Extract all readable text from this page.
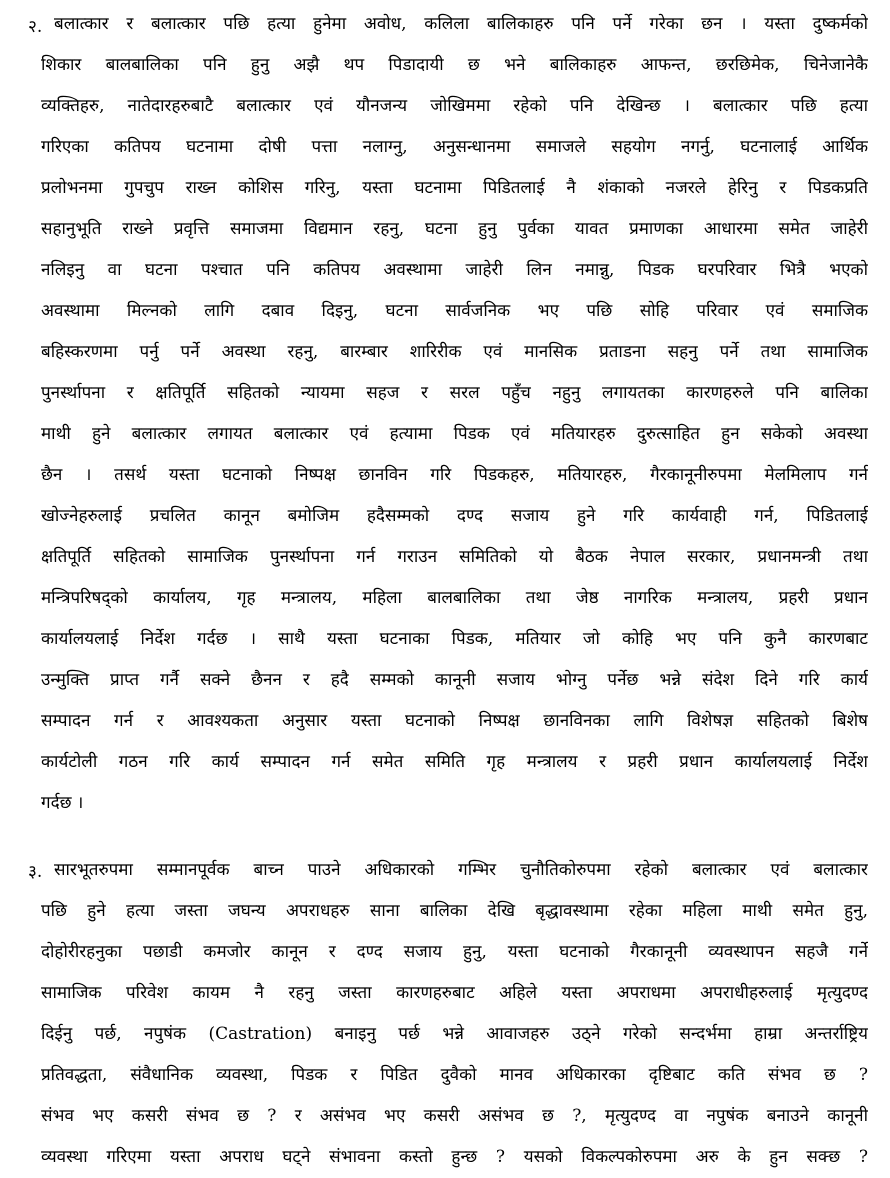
२. बलात्कार र बलात्कार पछि हत्या हुनेमा अवोध, कलिला बालिकाहरु पनि पर्ने गरेका छन । यस्ता दुष्कर्मको
शिकार बालबालिका पनि हुनु अझै थप पिडादायी छ भने बालिकाहरु आफन्त, छरछिमेक, चिनेजानेकै
व्यक्तिहरु, नातेदारहरुबाटै बलात्कार एवं यौनजन्य जोखिममा रहेको पनि देखिन्छ । बलात्कार पछि हत्या
गरिएका कतिपय घटनामा दोषी पत्ता नलाग्नु, अनुसन्धानमा समाजले सहयोग नगर्नु, घटनालाई आर्थिक
प्रलोभनमा गुपचुप राख्न कोशिस गरिनु, यस्ता घटनामा पिडितलाई नै शंकाको नजरले हेरिनु र पिडकप्रति
सहानुभूति राख्ने प्रवृत्ति समाजमा विद्यमान रहनु, घटना हुनु पुर्वका यावत प्रमाणका आधारमा समेत जाहेरी
नलिइनु वा घटना पश्चात पनि कतिपय अवस्थामा जाहेरी लिन नमान्नु, पिडक घरपरिवार भित्रै भएको
अवस्थामा मिल्नको लागि दबाव दिइनु, घटना सार्वजनिक भए पछि सोहि परिवार एवं समाजिक
बहिस्करणमा पर्नु पर्ने अवस्था रहनु, बारम्बार शारिरीक एवं मानसिक प्रताडना सहनु पर्ने तथा सामाजिक
पुनर्स्थापना र क्षतिपूर्ति सहितको न्यायमा सहज र सरल पहुँच नहुनु लगायतका कारणहरुले पनि बालिका
माथी हुने बलात्कार लगायत बलात्कार एवं हत्यामा पिडक एवं मतियारहरु दुरुत्साहित हुन सकेको अवस्था
छैन । तसर्थ यस्ता घटनाको निष्पक्ष छानविन गरि पिडकहरु, मतियारहरु, गैरकानूनीरुपमा मेलमिलाप गर्न
खोज्नेहरुलाई प्रचलित कानून बमोजिम हदैसम्मको दण्द सजाय हुने गरि कार्यवाही गर्न, पिडितलाई
क्षतिपूर्ति सहितको सामाजिक पुनर्स्थापना गर्न गराउन समितिको यो बैठक नेपाल सरकार, प्रधानमन्त्री तथा
मन्त्रिपरिषद्को कार्यालय, गृह मन्त्रालय, महिला बालबालिका तथा जेष्ठ नागरिक मन्त्रालय, प्रहरी प्रधान
कार्यालयलाई निर्देश गर्दछ । साथै यस्ता घटनाका पिडक, मतियार जो कोहि भए पनि कुनै कारणबाट
उन्मुक्ति प्राप्त गर्नै सक्ने छैनन र हदै सम्मको कानूनी सजाय भोग्नु पर्नेछ भन्ने संदेश दिने गरि कार्य
सम्पादन गर्न र आवश्यकता अनुसार यस्ता घटनाको निष्पक्ष छानविनका लागि विशेषज्ञ सहितको बिशेष
कार्यटोली गठन गरि कार्य सम्पादन गर्न समेत समिति गृह मन्त्रालय र प्रहरी प्रधान कार्यालयलाई निर्देश
गर्दछ ।
३. सारभूतरुपमा सम्मानपूर्वक बाच्न पाउने अधिकारको गम्भिर चुनौतिकोरुपमा रहेको बलात्कार एवं बलात्कार
पछि हुने हत्या जस्ता जघन्य अपराधहरु साना बालिका देखि बृद्धावस्थामा रहेका महिला माथी समेत हुनु,
दोहोरीरहनुका पछाडी कमजोर कानून र दण्द सजाय हुनु, यस्ता घटनाको गैरकानूनी व्यवस्थापन सहजै गर्ने
सामाजिक परिवेश कायम नै रहनु जस्ता कारणहरुबाट अहिले यस्ता अपराधमा अपराधीहरुलाई मृत्युदण्द
दिईनु पर्छ, नपुषंक (Castration) बनाइनु पर्छ भन्ने आवाजहरु उठ्ने गरेको सन्दर्भमा हाम्रा अन्तर्राष्ट्रिय
प्रतिवद्धता, संवैधानिक व्यवस्था, पिडक र पिडित दुवैको मानव अधिकारका दृष्टिबाट कति संभव छ ?
संभव भए कसरी संभव छ ? र असंभव भए कसरी असंभव छ ?, मृत्युदण्द वा नपुषंक बनाउने कानूनी
व्यवस्था गरिएमा यस्ता अपराध घट्ने संभावना कस्तो हुन्छ ? यसको विकल्पकोरुपमा अरु के हुन सक्छ ?
